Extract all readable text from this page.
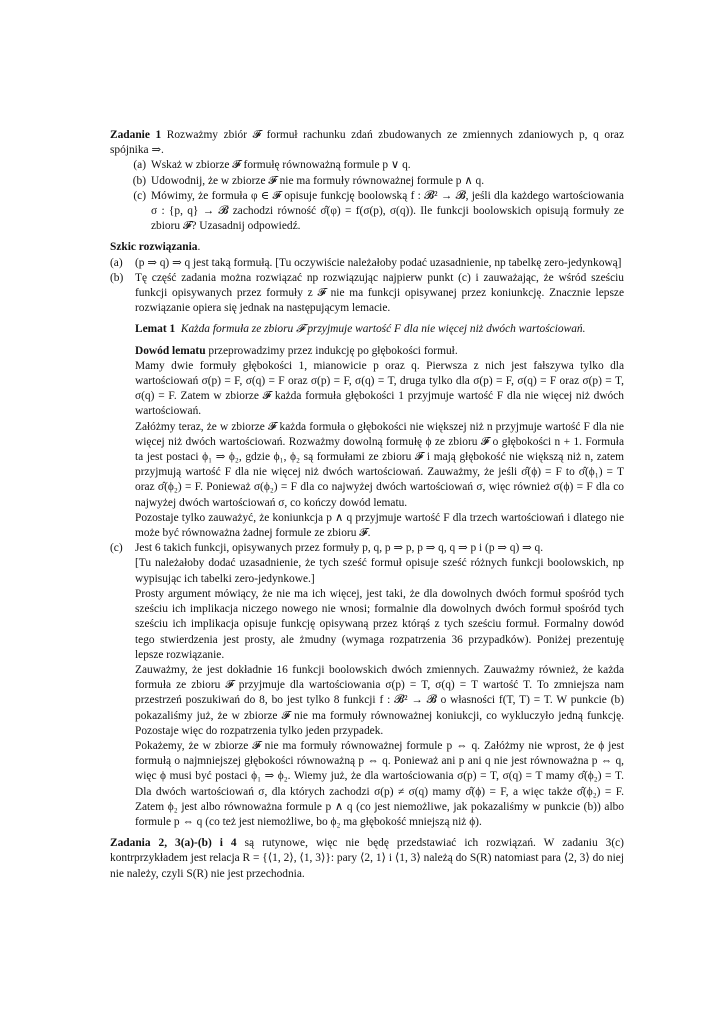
Zadanie 1 Rozważmy zbiór 𝓕 formuł rachunku zdań zbudowanych ze zmiennych zdaniowych p, q oraz spójnika ⇒.

(a) Wskaż w zbiorze 𝓕 formułę równoważną formule p ∨ q.
(b) Udowodnij, że w zbiorze 𝓕 nie ma formuły równoważnej formule p ∧ q.
(c) Mówimy, że formuła φ ∈ 𝓕 opisuje funkcję boolowską f : 𝓑² → 𝓑, jeśli dla każdego wartościowania σ : {p, q} → 𝓑 zachodzi równość σ̂(φ) = f(σ(p), σ(q)). Ile funkcji boolowskich opisują formuły ze zbioru 𝓕? Uzasadnij odpowiedź.

Szkic rozwiązania.

(a)	(p ⇒ q) ⇒ q jest taką formułą. [Tu oczywiście należałoby podać uzasadnienie, np tabelkę zero-jedynkową]

(b)	Tę część zadania można rozwiązać np rozwiązując najpierw punkt (c) i zauważając, że wśród sześciu funkcji opisywanych przez formuły z 𝓕 nie ma funkcji opisywanej przez koniunkcję. Znacznie lepsze rozwiązanie opiera się jednak na następującym lemacie.

Lemat 1 Każda formuła ze zbioru 𝓕 przyjmuje wartość F dla nie więcej niż dwóch wartościowań.

Dowód lematu przeprowadzimy przez indukcję po głębokości formuł.

Mamy dwie formuły głębokości 1, mianowicie p oraz q. Pierwsza z nich jest fałszywa tylko dla wartościowań σ(p) = F, σ(q) = F oraz σ(p) = F, σ(q) = T, druga tylko dla σ(p) = F, σ(q) = F oraz σ(p) = T, σ(q) = F. Zatem w zbiorze 𝓕 każda formuła głębokości 1 przyjmuje wartość F dla nie więcej niż dwóch wartościowań.

Załóżmy teraz, że w zbiorze 𝓕 każda formuła o głębokości nie większej niż n przyjmuje wartość F dla nie więcej niż dwóch wartościowań. Rozważmy dowolną formułę ϕ ze zbioru 𝓕 o głębokości n + 1. Formuła ta jest postaci ϕ₁ ⇒ ϕ₂, gdzie ϕ₁, ϕ₂ są formułami ze zbioru 𝓕 i mają głębokość nie większą niż n, zatem przyjmują wartość F dla nie więcej niż dwóch wartościowań. Zauważmy, że jeśli σ̂(ϕ) = F to σ̂(ϕ₁) = T oraz σ̂(ϕ₂) = F. Ponieważ σ(ϕ₂) = F dla co najwyżej dwóch wartościowań σ, więc również σ(ϕ) = F dla co najwyżej dwóch wartościowań σ, co kończy dowód lematu.

Pozostaje tylko zauważyć, że koniunkcja p ∧ q przyjmuje wartość F dla trzech wartościowań i dlatego nie może być równoważna żadnej formule ze zbioru 𝓕.

(c)	Jest 6 takich funkcji, opisywanych przez formuły p, q, p ⇒ p, p ⇒ q, q ⇒ p i (p ⇒ q) ⇒ q.

[Tu należałoby dodać uzasadnienie, że tych sześć formuł opisuje sześć różnych funkcji boolowskich, np wypisując ich tabelki zero-jedynkowe.]

Prosty argument mówiący, że nie ma ich więcej, jest taki, że dla dowolnych dwóch formuł spośród tych sześciu ich implikacja niczego nowego nie wnosi; formalnie dla dowolnych dwóch formuł spośród tych sześciu ich implikacja opisuje funkcję opisywaną przez którąś z tych sześciu formuł. Formalny dowód tego stwierdzenia jest prosty, ale żmudny (wymaga rozpatrzenia 36 przypadków). Poniżej prezentuję lepsze rozwiązanie.

Zauważmy, że jest dokładnie 16 funkcji boolowskich dwóch zmiennych. Zauważmy również, że każda formuła ze zbioru 𝓕 przyjmuje dla wartościowania σ(p) = T, σ(q) = T wartość T. To zmniejsza nam przestrzeń poszukiwań do 8, bo jest tylko 8 funkcji f : 𝓑² → 𝓑 o własności f(T, T) = T. W punkcie (b) pokazaliśmy już, że w zbiorze 𝓕 nie ma formuły równoważnej koniukcji, co wykluczyło jedną funkcję. Pozostaje więc do rozpatrzenia tylko jeden przypadek.

Pokażemy, że w zbiorze 𝓕 nie ma formuły równoważnej formule p ⇔ q. Załóżmy nie wprost, że ϕ jest formułą o najmniejszej głębokości równoważną p ⇔ q. Ponieważ ani p ani q nie jest równoważna p ⇔ q, więc ϕ musi być postaci ϕ₁ ⇒ ϕ₂. Wiemy już, że dla wartościowania σ(p) = T, σ(q) = T mamy σ̂(ϕ₂) = T. Dla dwóch wartościowań σ, dla których zachodzi σ(p) ≠ σ(q) mamy σ̂(ϕ) = F, a więc także σ̂(ϕ₂) = F. Zatem ϕ₂ jest albo równoważna formule p ∧ q (co jest niemożliwe, jak pokazaliśmy w punkcie (b)) albo formule p ⇔ q (co też jest niemożliwe, bo ϕ₂ ma głębokość mniejszą niż ϕ).

Zadania 2, 3(a)-(b) i 4 są rutynowe, więc nie będę przedstawiać ich rozwiązań. W zadaniu 3(c) kontrprzykładem jest relacja R = {⟨1, 2⟩, ⟨1, 3⟩}: pary ⟨2, 1⟩ i ⟨1, 3⟩ należą do S(R) natomiast para ⟨2, 3⟩ do niej nie należy, czyli S(R) nie jest przechodnia.
